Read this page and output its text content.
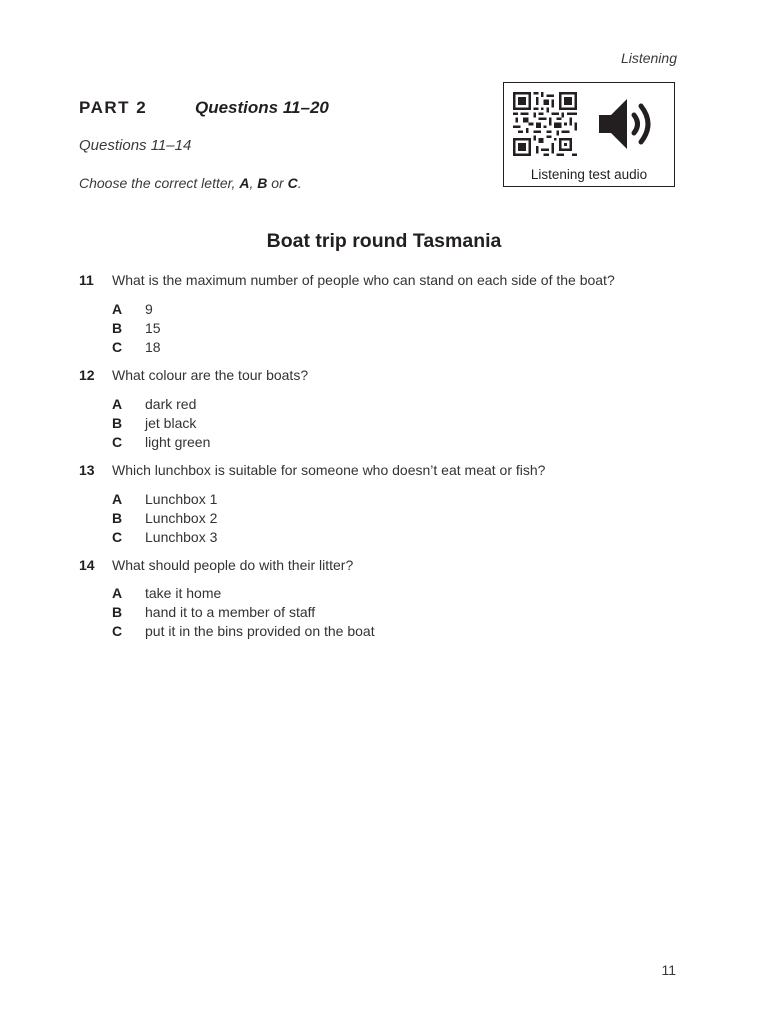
Listening
PART 2	Questions 11–20
Questions 11–14
Choose the correct letter, A, B or C.
Listening test audio
Boat trip round Tasmania
11	What is the maximum number of people who can stand on each side of the boat?
A 9
B 15
C 18
12	What colour are the tour boats?
A dark red
B jet black
C light green
13	Which lunchbox is suitable for someone who doesn’t eat meat or fish?
A Lunchbox 1
B Lunchbox 2
C Lunchbox 3
14	What should people do with their litter?
A take it home
B hand it to a member of staff
C put it in the bins provided on the boat
11
